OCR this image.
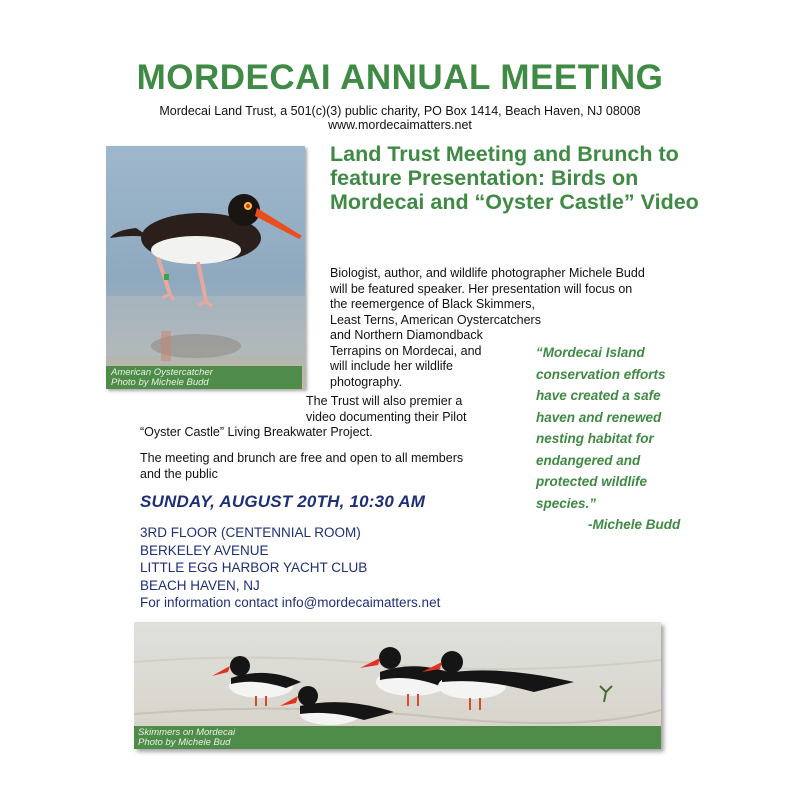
MORDECAI ANNUAL MEETING
Mordecai Land Trust, a 501(c)(3) public charity, PO Box 1414, Beach Haven, NJ 08008
www.mordecaimatters.net
American Oystercatcher
Photo by Michele Budd
Land Trust Meeting and Brunch to feature Presentation: Birds on Mordecai and “Oyster Castle” Video
Biologist, author, and wildlife photographer Michele Budd
will be featured speaker. Her presentation will focus on
the reemergence of Black Skimmers,
Least Terns, American Oystercatchers
and Northern Diamondback
Terrapins on Mordecai, and
will include her wildlife
photography.
The Trust will also premier a
video documenting their Pilot
“Oyster Castle” Living Breakwater Project.
The meeting and brunch are free and open to all members
and the public
“Mordecai Island
conservation efforts
have created a safe
haven and renewed
nesting habitat for
endangered and
protected wildlife
species.”
-Michele Budd
SUNDAY, AUGUST 20TH, 10:30 AM
3RD FLOOR (CENTENNIAL ROOM)
BERKELEY AVENUE
LITTLE EGG HARBOR YACHT CLUB
BEACH HAVEN, NJ
For information contact info@mordecaimatters.net
Skimmers on Mordecai
Photo by Michele Bud
